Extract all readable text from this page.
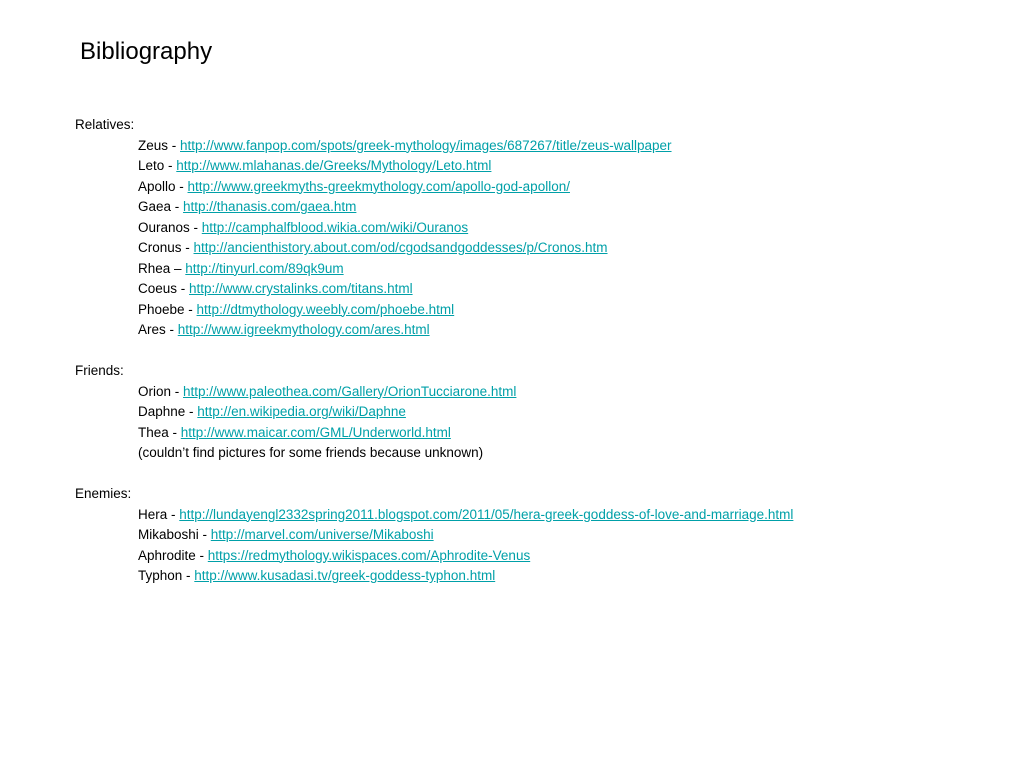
Bibliography
Relatives:
Zeus - http://www.fanpop.com/spots/greek-mythology/images/687267/title/zeus-wallpaper
Leto - http://www.mlahanas.de/Greeks/Mythology/Leto.html
Apollo - http://www.greekmyths-greekmythology.com/apollo-god-apollon/
Gaea - http://thanasis.com/gaea.htm
Ouranos - http://camphalfblood.wikia.com/wiki/Ouranos
Cronus - http://ancienthistory.about.com/od/cgodsandgoddesses/p/Cronos.htm
Rhea – http://tinyurl.com/89qk9um
Coeus - http://www.crystalinks.com/titans.html
Phoebe - http://dtmythology.weebly.com/phoebe.html
Ares - http://www.igreekmythology.com/ares.html
Friends:
Orion - http://www.paleothea.com/Gallery/OrionTucciarone.html
Daphne - http://en.wikipedia.org/wiki/Daphne
Thea - http://www.maicar.com/GML/Underworld.html
(couldn’t find pictures for some friends because unknown)
Enemies:
Hera - http://lundayengl2332spring2011.blogspot.com/2011/05/hera-greek-goddess-of-love-and-marriage.html
Mikaboshi - http://marvel.com/universe/Mikaboshi
Aphrodite - https://redmythology.wikispaces.com/Aphrodite-Venus
Typhon - http://www.kusadasi.tv/greek-goddess-typhon.html
